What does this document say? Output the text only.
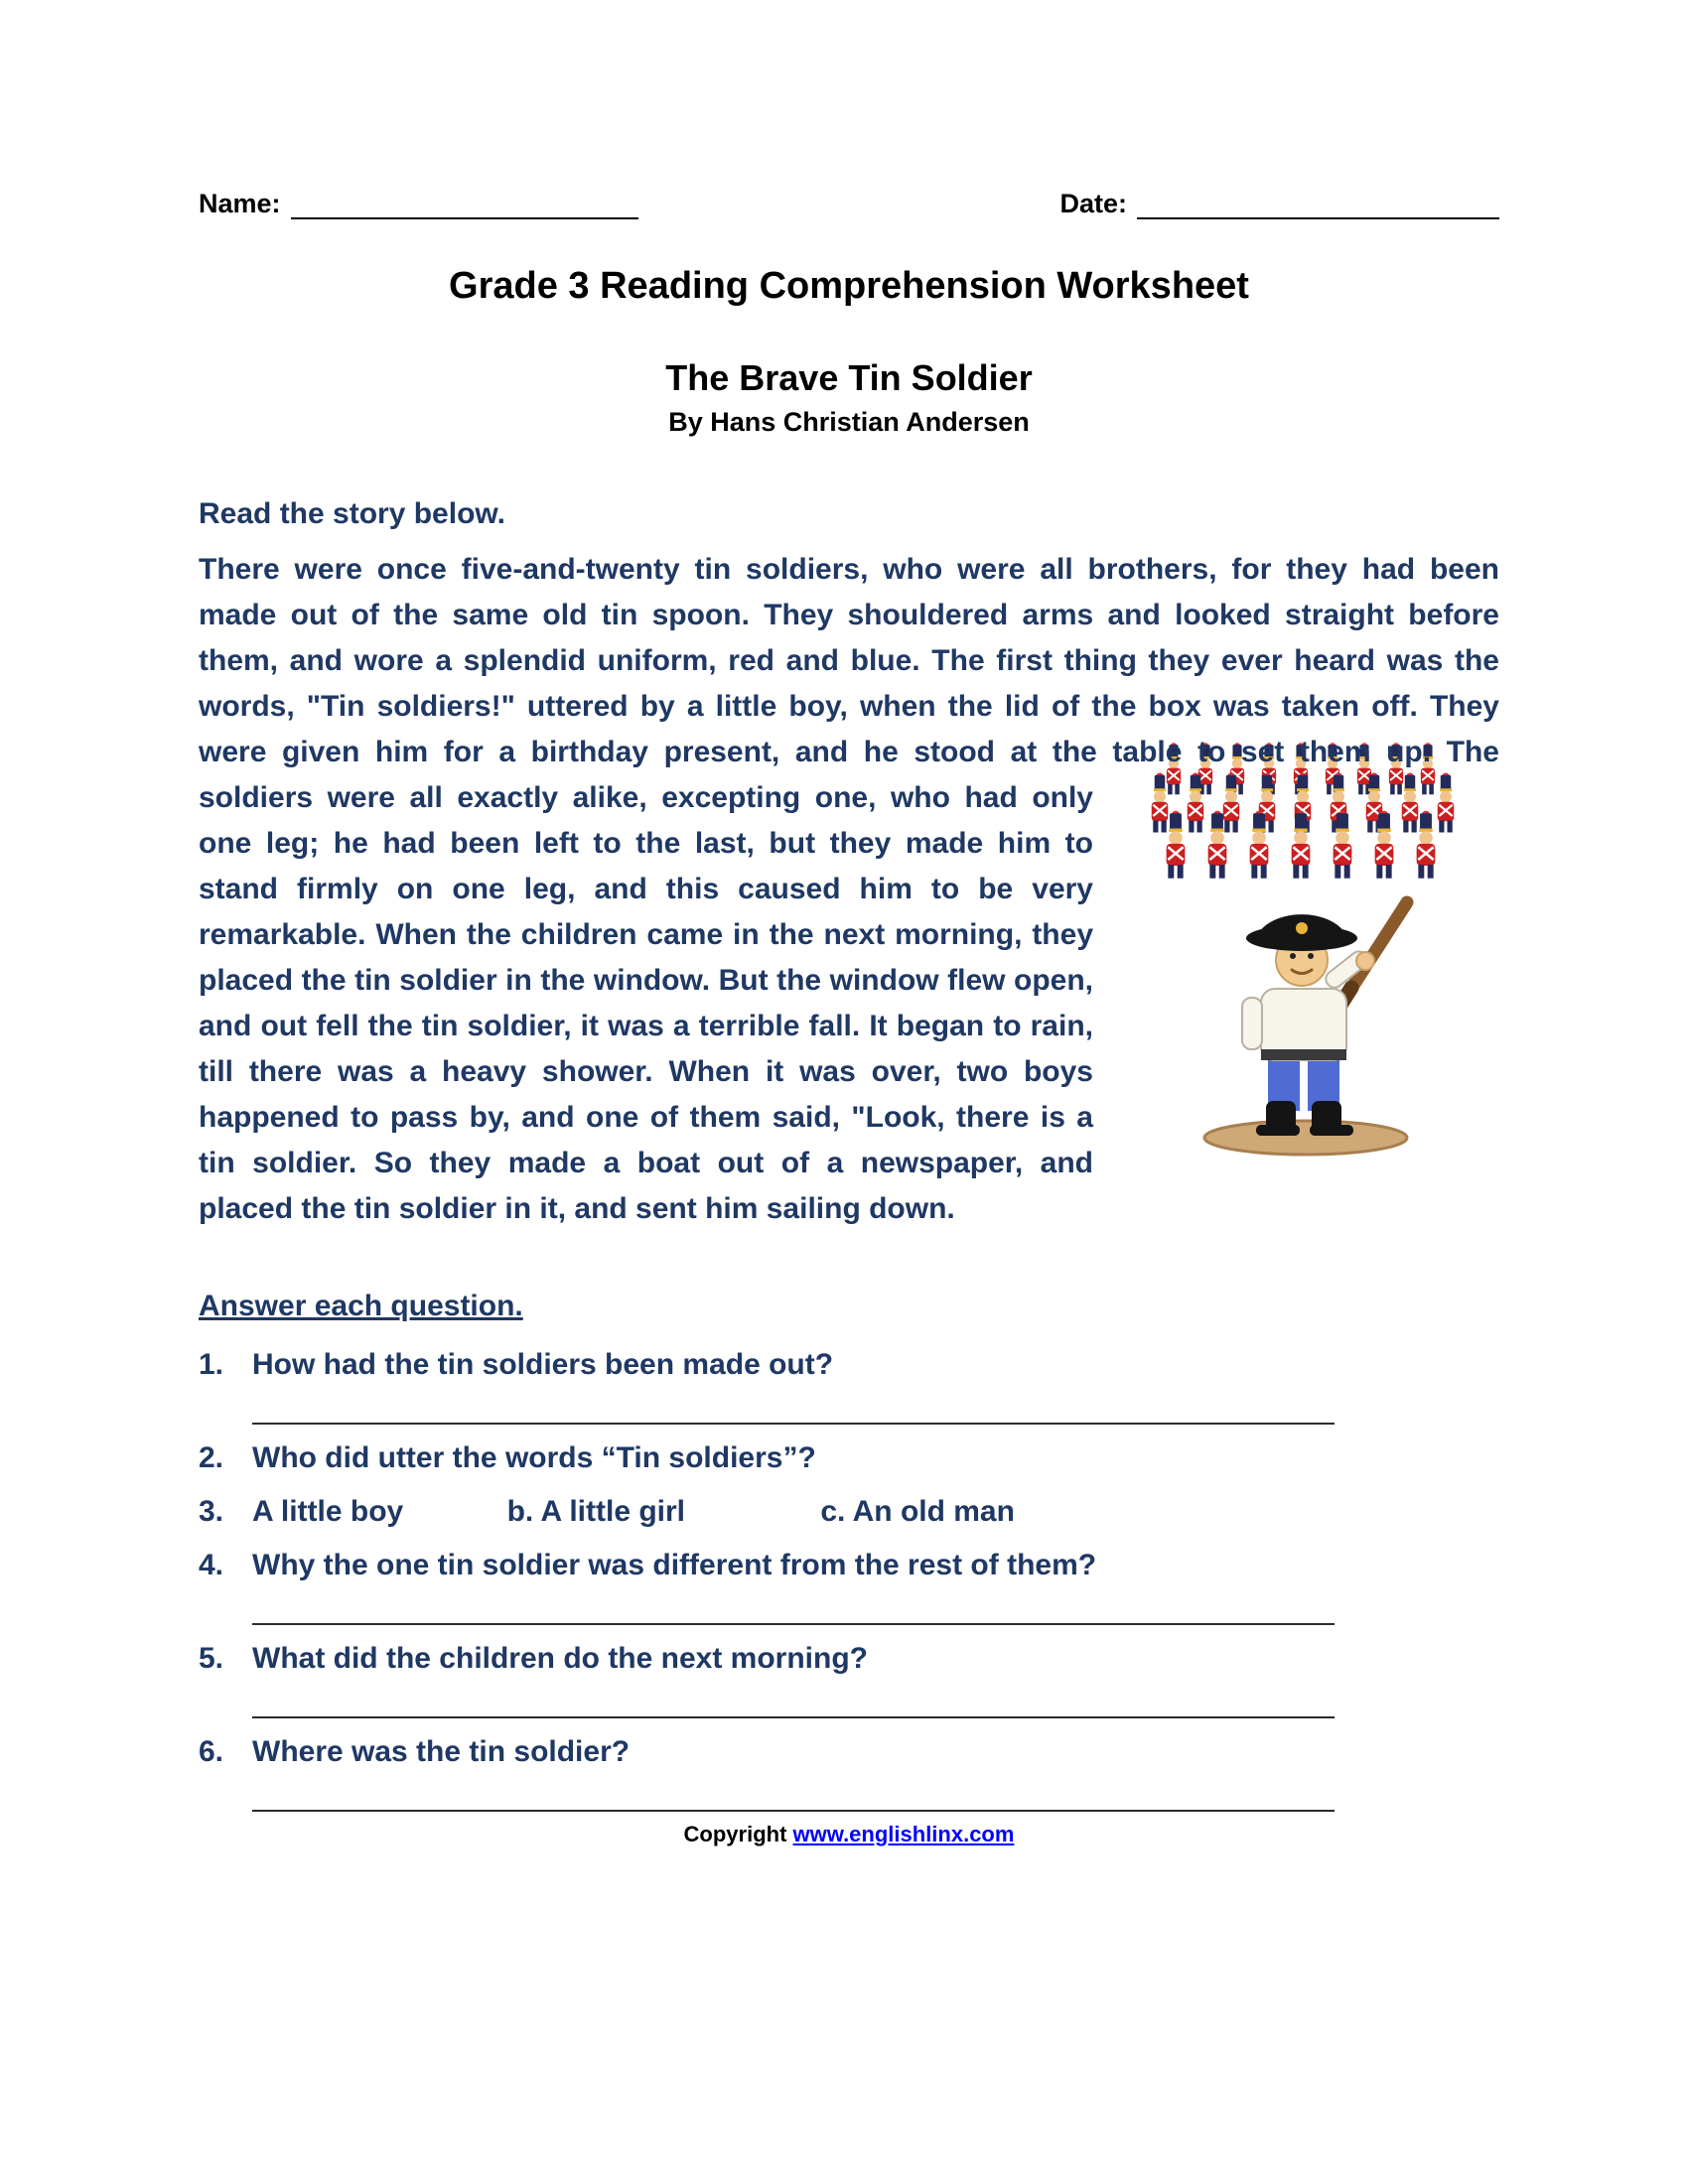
Name:	Date:
Grade 3 Reading Comprehension Worksheet
The Brave Tin Soldier
By Hans Christian Andersen
Read the story below.

There were once five-and-twenty tin soldiers, who were all brothers, for they had been made out of the same old tin spoon. They shouldered arms and looked straight before them, and wore a splendid uniform, red and blue. The first thing they ever heard was the words, "Tin soldiers!" uttered by a little boy, when the lid of the box was taken off. They were given him for a birthday
present, and he stood at the table to set them up. The soldiers were all exactly alike, excepting one, who had only one leg; he had been left to the last, but they made him to stand firmly on one leg, and this caused him to be very remarkable. When the children came in the next morning, they placed the tin soldier in the window. But the window flew open, and out fell the tin soldier, it was a terrible fall. It began to rain, till there was a heavy shower. When it was over, two boys happened to pass by, and one of them said, "Look, there is a tin soldier. So they made a boat out of a newspaper, and placed the tin soldier in it, and sent him sailing down.

Answer each question.
1. How had the tin soldiers been made out?
2. Who did utter the words “Tin soldiers”?
3. A little boy	b. A little girl	c. An old man
4. Why the one tin soldier was different from the rest of them?
5. What did the children do the next morning?
6. Where was the tin soldier?
Copyright www.englishlinx.com
